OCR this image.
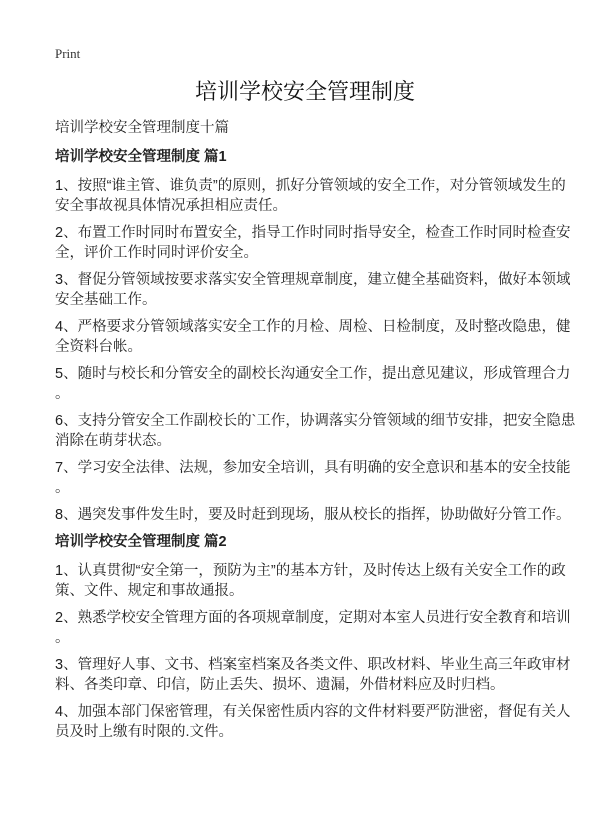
Print
培训学校安全管理制度
培训学校安全管理制度十篇
培训学校安全管理制度 篇1
1、按照“谁主管、谁负责”的原则，抓好分管领域的安全工作，对分管领域发生的
安全事故视具体情况承担相应责任。
2、布置工作时同时布置安全，指导工作时同时指导安全，检查工作时同时检查安
全，评价工作时同时评价安全。
3、督促分管领域按要求落实安全管理规章制度，建立健全基础资料，做好本领域
安全基础工作。
4、严格要求分管领域落实安全工作的月检、周检、日检制度，及时整改隐患，健
全资料台帐。
5、随时与校长和分管安全的副校长沟通安全工作，提出意见建议，形成管理合力
。
6、支持分管安全工作副校长的`工作，协调落实分管领域的细节安排，把安全隐患
消除在萌芽状态。
7、学习安全法律、法规，参加安全培训，具有明确的安全意识和基本的安全技能
。
8、遇突发事件发生时，要及时赶到现场，服从校长的指挥，协助做好分管工作。
培训学校安全管理制度 篇2
1、认真贯彻“安全第一，预防为主”的基本方针，及时传达上级有关安全工作的政
策、文件、规定和事故通报。
2、熟悉学校安全管理方面的各项规章制度，定期对本室人员进行安全教育和培训
。
3、管理好人事、文书、档案室档案及各类文件、职改材料、毕业生高三年政审材
料、各类印章、印信，防止丢失、损坏、遗漏，外借材料应及时归档。
4、加强本部门保密管理，有关保密性质内容的文件材料要严防泄密，督促有关人
员及时上缴有时限的.文件。
